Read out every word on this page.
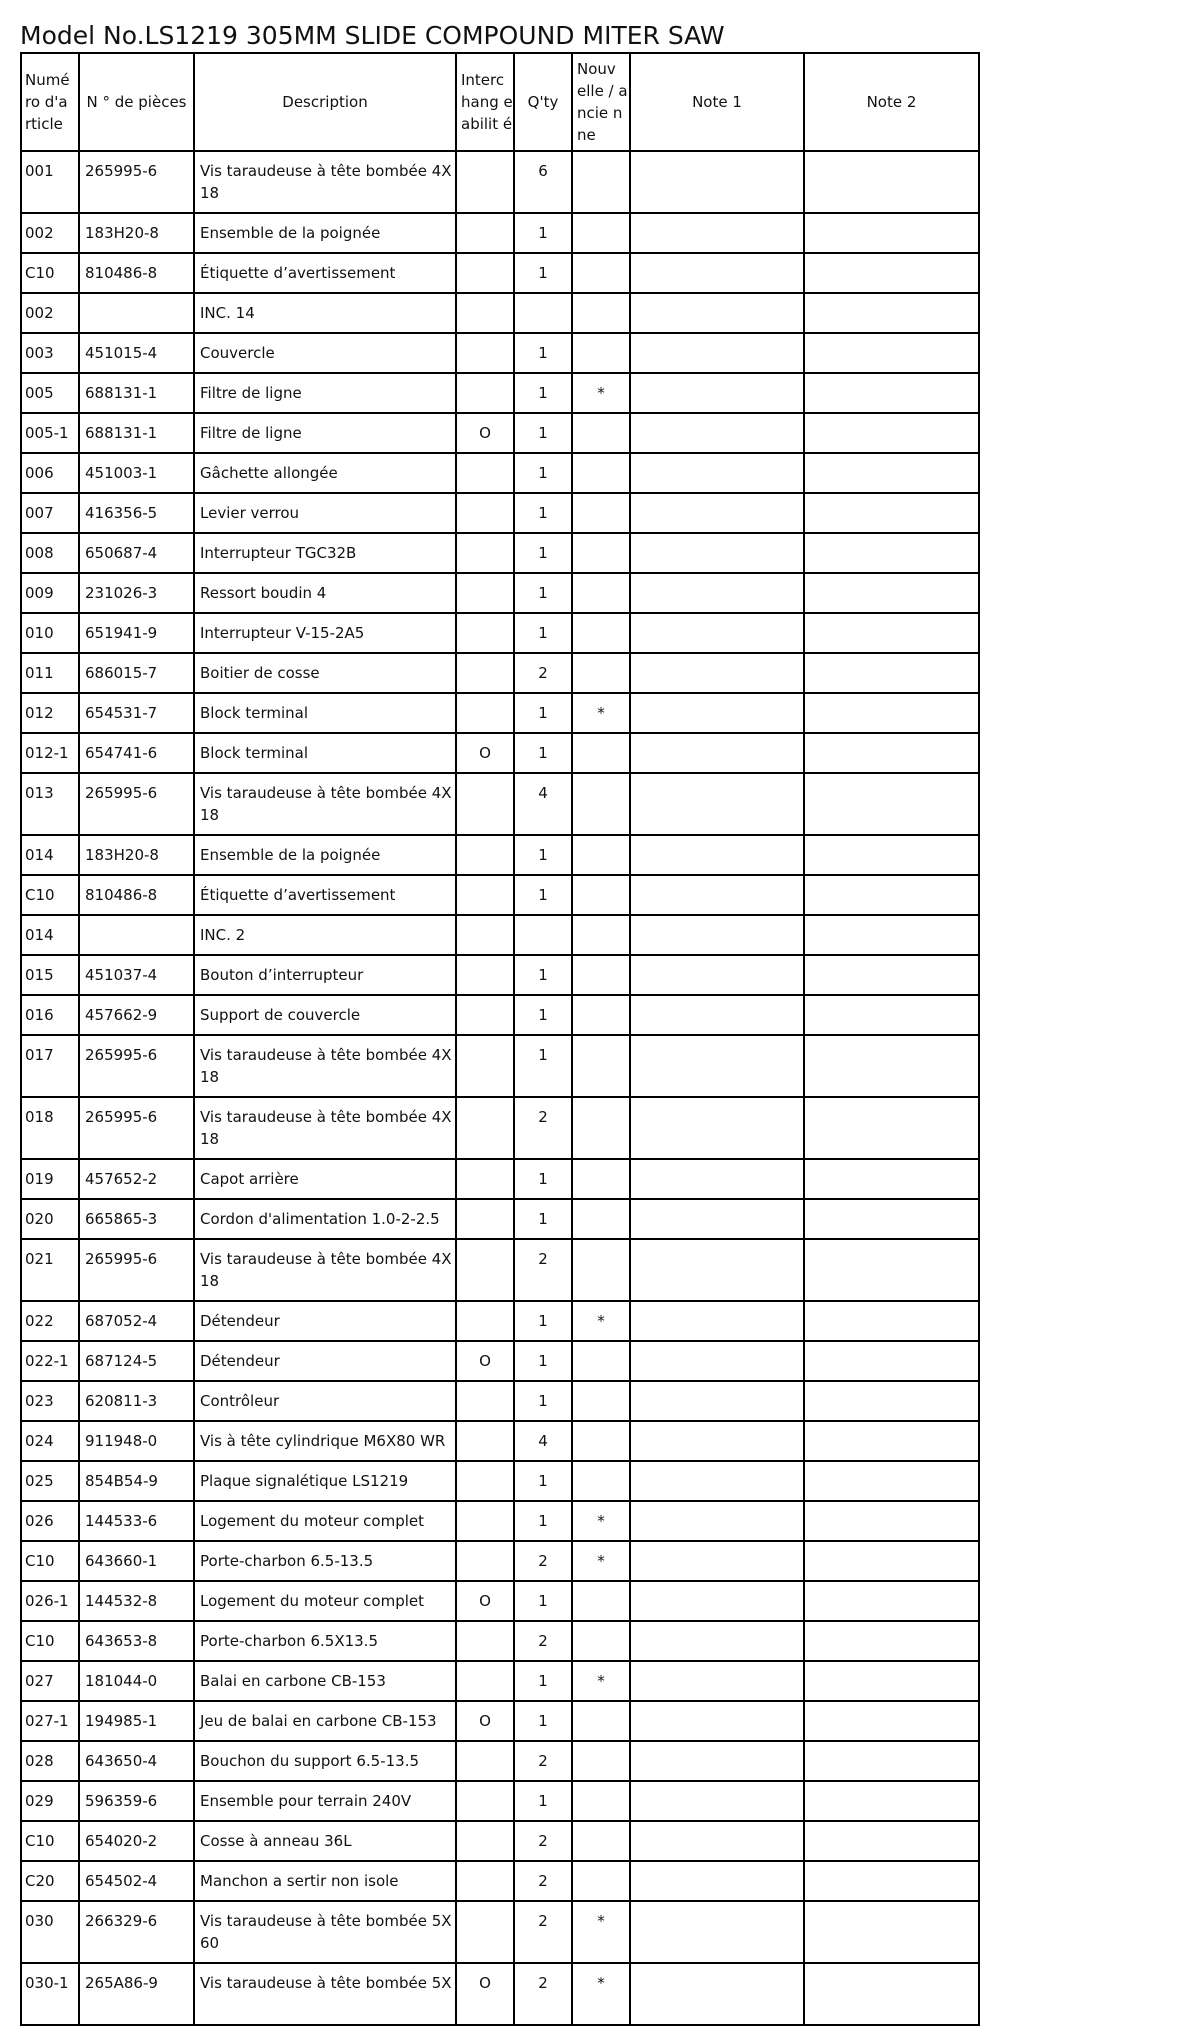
Model No.LS1219 305MM SLIDE COMPOUND MITER SAW
Numé ro d'a rticle	N ° de pièces	Description	Interc hang eabilit é	Q'ty	Nouv elle / ancie nne	Note 1	Note 2
001	265995-6	Vis taraudeuse à tête bombée 4X 18		6			
002	183H20-8	Ensemble de la poignée		1			
C10	810486-8	Étiquette d’avertissement		1			
002		INC. 14					
003	451015-4	Couvercle		1			
005	688131-1	Filtre de ligne		1	*		
005-1	688131-1	Filtre de ligne	O	1			
006	451003-1	Gâchette allongée		1			
007	416356-5	Levier verrou		1			
008	650687-4	Interrupteur TGC32B		1			
009	231026-3	Ressort boudin 4		1			
010	651941-9	Interrupteur V-15-2A5		1			
011	686015-7	Boitier de cosse		2			
012	654531-7	Block terminal		1	*		
012-1	654741-6	Block terminal	O	1			
013	265995-6	Vis taraudeuse à tête bombée 4X 18		4			
014	183H20-8	Ensemble de la poignée		1			
C10	810486-8	Étiquette d’avertissement		1			
014		INC. 2					
015	451037-4	Bouton d’interrupteur		1			
016	457662-9	Support de couvercle		1			
017	265995-6	Vis taraudeuse à tête bombée 4X 18		1			
018	265995-6	Vis taraudeuse à tête bombée 4X 18		2			
019	457652-2	Capot arrière		1			
020	665865-3	Cordon d'alimentation 1.0-2-2.5		1			
021	265995-6	Vis taraudeuse à tête bombée 4X 18		2			
022	687052-4	Détendeur		1	*		
022-1	687124-5	Détendeur	O	1			
023	620811-3	Contrôleur		1			
024	911948-0	Vis à tête cylindrique M6X80 WR		4			
025	854B54-9	Plaque signalétique LS1219		1			
026	144533-6	Logement du moteur complet		1	*		
C10	643660-1	Porte-charbon 6.5-13.5		2	*		
026-1	144532-8	Logement du moteur complet	O	1			
C10	643653-8	Porte-charbon 6.5X13.5		2			
027	181044-0	Balai en carbone CB-153		1	*		
027-1	194985-1	Jeu de balai en carbone CB-153	O	1			
028	643650-4	Bouchon du support 6.5-13.5		2			
029	596359-6	Ensemble pour terrain 240V		1			
C10	654020-2	Cosse à anneau 36L		2			
C20	654502-4	Manchon a sertir non isole		2			
030	266329-6	Vis taraudeuse à tête bombée 5X 60		2	*		
030-1	265A86-9	Vis taraudeuse à tête bombée 5X	O	2	*		
